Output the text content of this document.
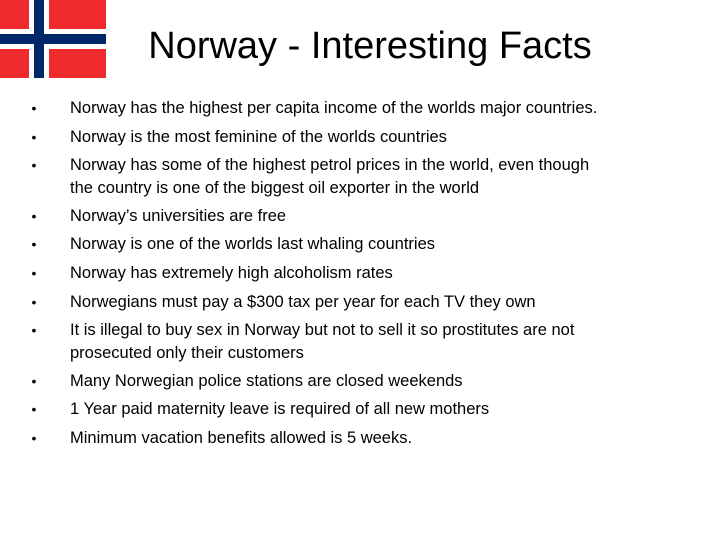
Norway - Interesting Facts
• Norway has the highest per capita income of the worlds major countries.
• Norway is the most feminine of the worlds countries
• Norway has some of the highest petrol prices in the world, even though
the country is one of the biggest oil exporter in the world
• Norway’s universities are free
• Norway is one of the worlds last whaling countries
• Norway has extremely high alcoholism rates
• Norwegians must pay a $300 tax per year for each TV they own
• It is illegal to buy sex in Norway but not to sell it so prostitutes are not
prosecuted only their customers
• Many Norwegian police stations are closed weekends
• 1 Year paid maternity leave is required of all new mothers
• Minimum vacation benefits allowed is 5 weeks.
